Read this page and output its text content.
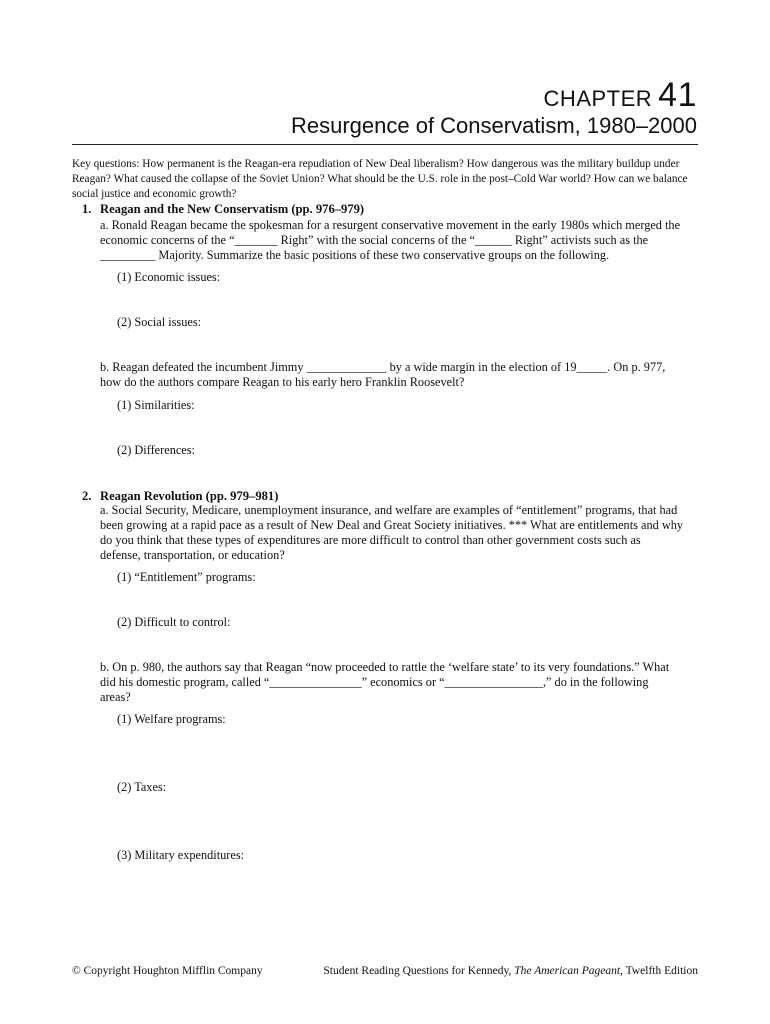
CHAPTER 41
Resurgence of Conservatism, 1980–2000
Key questions: How permanent is the Reagan-era repudiation of New Deal liberalism? How dangerous was the military buildup under
Reagan? What caused the collapse of the Soviet Union? What should be the U.S. role in the post–Cold War world? How can we balance
social justice and economic growth?
1. Reagan and the New Conservatism (pp. 976–979)
a. Ronald Reagan became the spokesman for a resurgent conservative movement in the early 1980s which merged the
economic concerns of the “_______ Right” with the social concerns of the “______ Right” activists such as the
_________ Majority. Summarize the basic positions of these two conservative groups on the following.
(1) Economic issues:
(2) Social issues:
b. Reagan defeated the incumbent Jimmy _____________ by a wide margin in the election of 19_____. On p. 977,
how do the authors compare Reagan to his early hero Franklin Roosevelt?
(1) Similarities:
(2) Differences:
2. Reagan Revolution (pp. 979–981)
a. Social Security, Medicare, unemployment insurance, and welfare are examples of “entitlement” programs, that had
been growing at a rapid pace as a result of New Deal and Great Society initiatives. *** What are entitlements and why
do you think that these types of expenditures are more difficult to control than other government costs such as
defense, transportation, or education?
(1) “Entitlement” programs:
(2) Difficult to control:
b. On p. 980, the authors say that Reagan “now proceeded to rattle the ‘welfare state’ to its very foundations.” What
did his domestic program, called “_______________” economics or “________________,” do in the following
areas?
(1) Welfare programs:
(2) Taxes:
(3) Military expenditures:
© Copyright Houghton Mifflin Company	Student Reading Questions for Kennedy, The American Pageant, Twelfth Edition
